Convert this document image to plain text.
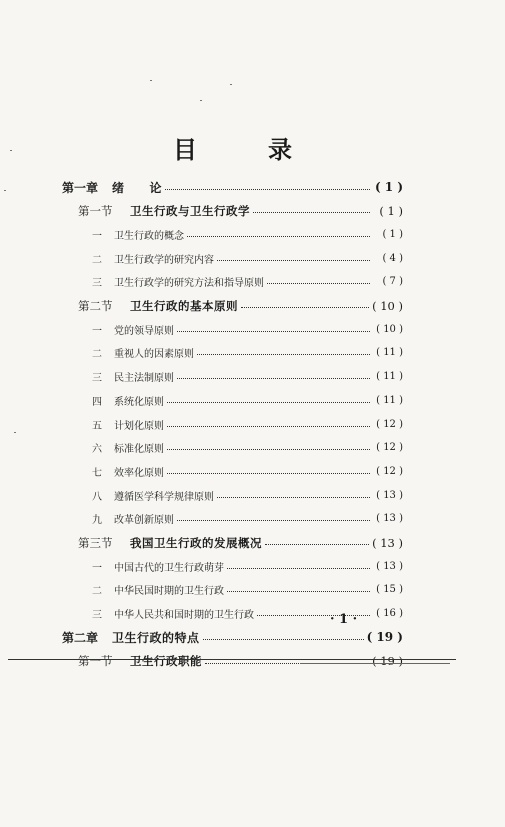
目	录
第一章	绪　　论	( 1 )
第一节	卫生行政与卫生行政学	( 1 )
一	卫生行政的概念	( 1 )
二	卫生行政学的研究内容	( 4 )
三	卫生行政学的研究方法和指导原则	( 7 )
第二节	卫生行政的基本原则	( 10 )
一	党的领导原则	( 10 )
二	重视人的因素原则	( 11 )
三	民主法制原则	( 11 )
四	系统化原则	( 11 )
五	计划化原则	( 12 )
六	标准化原则	( 12 )
七	效率化原则	( 12 )
八	遵循医学科学规律原则	( 13 )
九	改革创新原则	( 13 )
第三节	我国卫生行政的发展概况	( 13 )
一	中国古代的卫生行政萌芽	( 13 )
二	中华民国时期的卫生行政	( 15 )
三	中华人民共和国时期的卫生行政	( 16 )
第二章	卫生行政的特点	( 19 )
第一节	卫生行政职能	( 19 )
· 1 ·
